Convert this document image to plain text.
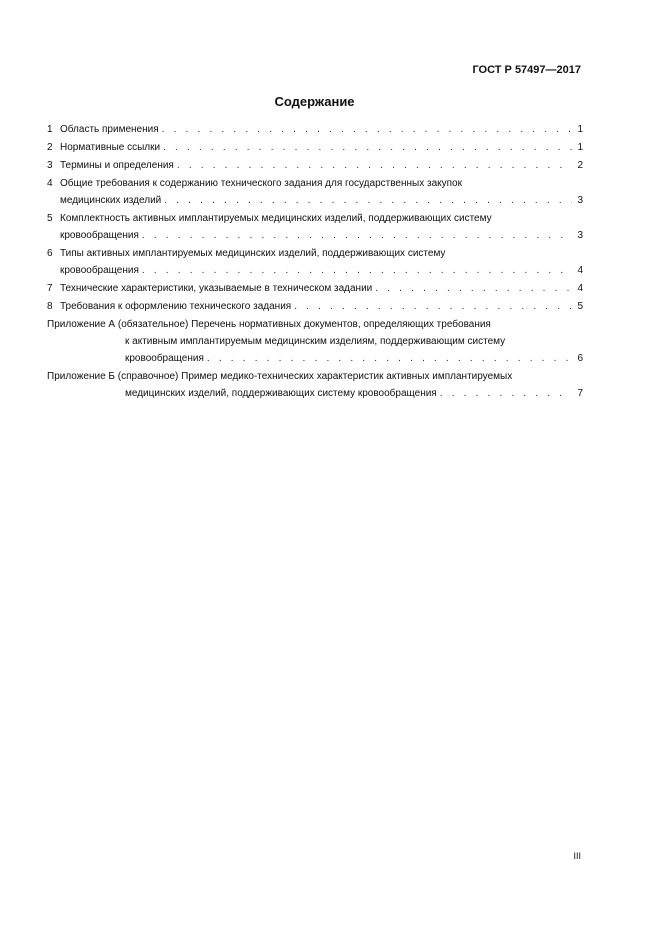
ГОСТ Р 57497—2017
Содержание
1 Область применения . . .	1
2 Нормативные ссылки . . .	1
3 Термины и определения . . .	2
4 Общие требования к содержанию технического задания для государственных закупок
медицинских изделий . . .	3
5 Комплектность активных имплантируемых медицинских изделий, поддерживающих систему
кровообращения . . .	3
6 Типы активных имплантируемых медицинских изделий, поддерживающих систему
кровообращения . . .	4
7 Технические характеристики, указываемые в техническом задании . . .	4
8 Требования к оформлению технического задания . . .	5
Приложение А (обязательное) Перечень нормативных документов, определяющих требования
к активным имплантируемым медицинским изделиям, поддерживающим систему
кровообращения . . .	6
Приложение Б (справочное) Пример медико-технических характеристик активных имплантируемых
медицинских изделий, поддерживающих систему кровообращения . . .	7
III
